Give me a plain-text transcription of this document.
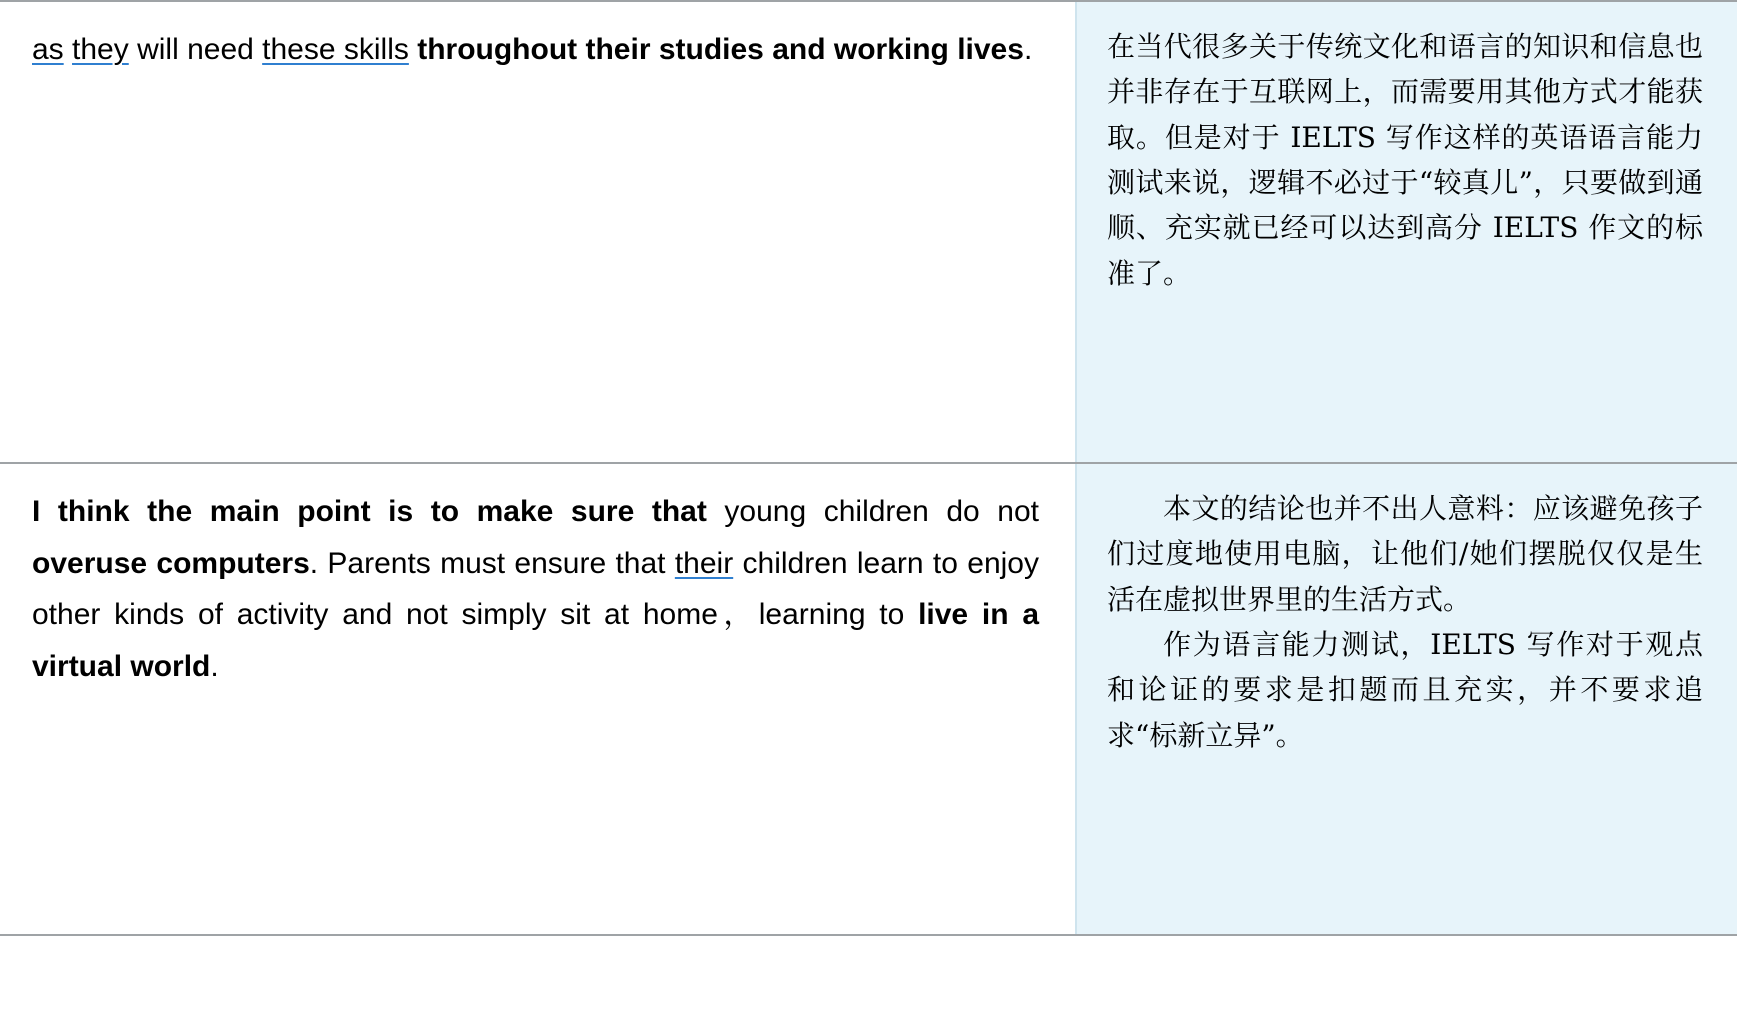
as they will need these skills throughout their studies and working lives.	在当代很多关于传统文化和语言的知识和信息也并非存在于互联网上，而需要用其他方式才能获取。但是对于 IELTS 写作这样的英语语言能力测试来说，逻辑不必过于“较真儿”，只要做到通顺、充实就已经可以达到高分 IELTS 作文的标准了。
I think the main point is to make sure that young children do not overuse computers. Parents must ensure that their children learn to enjoy other kinds of activity and not simply sit at home，learning to live in a virtual world.
本文的结论也并不出人意料：应该避免孩子们过度地使用电脑，让他们/她们摆脱仅仅是生活在虚拟世界里的生活方式。
作为语言能力测试，IELTS 写作对于观点和论证的要求是扣题而且充实，并不要求追求“标新立异”。
